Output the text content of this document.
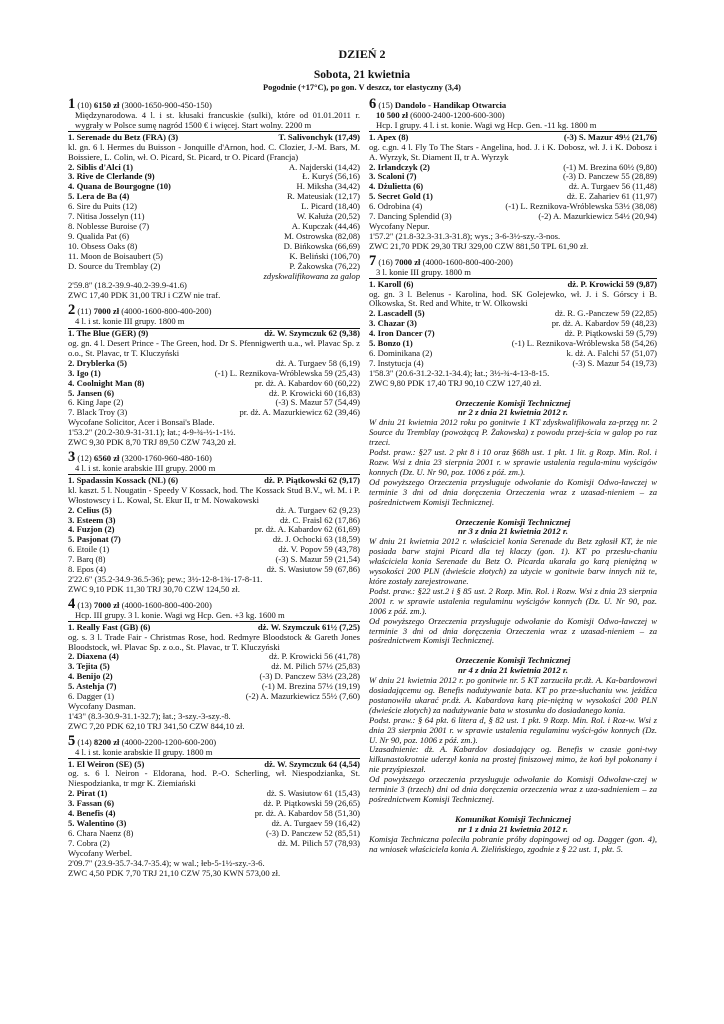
DZIEŃ 2
Sobota, 21 kwietnia
Pogodnie (+17°C), po gon. V deszcz, tor elastyczny (3,4)
1 (10) 6150 zł (3000-1650-900-450-150)
Międzynarodowa. 4 l. i st. kłusaki francuskie (sulki), które od 01.01.2011 r. wygrały w Polsce sumę nagród 1500 € i więcej. Start wolny. 2200 m
1. Serenade du Betz (FRA) (3)	T. Salivonchyk (17,49)
kl. gn. 6 l. Hermes du Buisson - Jonquille d'Arnon, hod. C. Clozier, J.-M. Bars, M. Boissiere, L. Colin, wł. O. Picard, St. Picard, tr O. Picard (Francja)
2. Siblis d'Alci (1)	A. Najderski (14,42)
3. Rive de Clerlande (9)	Ł. Kuryś (56,16)
4. Quana de Bourgogne (10)	H. Miksha (34,42)
5. Lera de Ba (4)	R. Mateusiak (12,17)
6. Sire du Puits (12)	L. Picard (18,40)
7. Nitisa Josselyn (11)	W. Kałuża (20,52)
8. Noblesse Buroise (7)	A. Kupczak (44,46)
9. Qualida Pat (6)	M. Ostrowska (82,08)
10. Obsess Oaks (8)	D. Bińkowska (66,69)
11. Moon de Boisaubert (5)	K. Beliński (106,70)
D. Source du Tremblay (2)	P. Żakowska (76,22)
zdyskwalifikowana za galop
2'59.8" (18.2-39.9-40.2-39.9-41.6)
ZWC 17,40 PDK 31,00 TRJ i CZW nie traf.
2 (11) 7000 zł (4000-1600-800-400-200)
4 l. i st. konie III grupy. 1800 m
1. The Blue (GER) (9)	dż. W. Szymczuk 62 (9,38)
og. gn. 4 l. Desert Prince - The Green, hod. Dr S. Pfennigwerth u.a., wł. Plavac Sp. z o.o., St. Plavac, tr T. Kluczyński
2. Dryblerka (5)	dż. A. Turgaev 58 (6,19)
3. Igo (1)	(-1) L. Reznikova-Wróblewska 59 (25,43)
4. Coolnight Man (8)	pr. dż. A. Kabardov 60 (60,22)
5. Jansen (6)	dż. P. Krowicki 60 (16,83)
6. King Jape (2)	(-3) S. Mazur 57 (54,49)
7. Black Troy (3)	pr. dż. A. Mazurkiewicz 62 (39,46)
Wycofane Solicitor, Acer i Bonsai's Blade.
1'53.2" (20.2-30.9-31-31.1); łat.; 4-9-¾-½-1-1½.
ZWC 9,30 PDK 8,70 TRJ 89,50 CZW 743,20 zł.
3 (12) 6560 zł (3200-1760-960-480-160)
4 l. i st. konie arabskie III grupy. 2000 m
1. Spadassin Kossack (NL) (6)	dż. P. Piątkowski 62 (9,17)
kl. kaszt. 5 l. Nougatin - Speedy V Kossack, hod. The Kossack Stud B.V., wł. M. i P. Włostowscy i L. Kowal, St. Ekur II, tr M. Nowakowski
2. Celius (5)	dż. A. Turgaev 62 (9,23)
3. Esteem (3)	dż. C. Fraisl 62 (17,86)
4. Fuzjon (2)	pr. dż. A. Kabardov 62 (61,69)
5. Pasjonat (7)	dż. J. Ochocki 63 (18,59)
6. Etoile (1)	dż. V. Popov 59 (43,78)
7. Barq (8)	(-3) S. Mazur 59 (21,54)
8. Epos (4)	dż. S. Wasiutow 59 (67,86)
2'22.6" (35.2-34.9-36.5-36); pew.; 3½-12-8-1¾-17-8-11.
ZWC 9,10 PDK 11,30 TRJ 30,70 CZW 124,50 zł.
4 (13) 7000 zł (4000-1600-800-400-200)
Hcp. III grupy. 3 l. konie. Wagi wg Hcp. Gen. +3 kg. 1600 m
1. Really Fast (GB) (6)	dż. W. Szymczuk 61½ (7,25)
og. s. 3 l. Trade Fair - Christmas Rose, hod. Redmyre Bloodstock & Gareth Jones Bloodstock, wł. Plavac Sp. z o.o., St. Plavac, tr T. Kluczyński
2. Diaxena (4)	dż. P. Krowicki 56 (41,78)
3. Tejita (5)	dż. M. Pilich 57½ (25,83)
4. Benijo (2)	(-3) D. Panczew 53½ (23,28)
5. Astehja (7)	(-1) M. Brezina 57½ (19,19)
6. Dagger (1)	(-2) A. Mazurkiewicz 55½ (7,60)
Wycofany Dasman.
1'43" (8.3-30.9-31.1-32.7); łat.; 3-szy.-3-szy.-8.
ZWC 7,20 PDK 62,10 TRJ 341,50 CZW 844,10 zł.
5 (14) 8200 zł (4000-2200-1200-600-200)
4 l. i st. konie arabskie II grupy. 1800 m
1. El Weiron (SE) (5)	dż. W. Szymczuk 64 (4,54)
og. s. 6 l. Neiron - Eldorana, hod. P.-O. Scherling, wł. Niespodzianka, St. Niespodzianka, tr mgr K. Ziemiański
2. Pirat (1)	dż. S. Wasiutow 61 (15,43)
3. Fassan (6)	dż. P. Piątkowski 59 (26,65)
4. Benefis (4)	pr. dż. A. Kabardov 58 (51,30)
5. Walentino (3)	dż. A. Turgaev 59 (16,42)
6. Chara Naenz (8)	(-3) D. Panczew 52 (85,51)
7. Cobra (2)	dż. M. Pilich 57 (78,93)
Wycofany Werbel.
2'09.7" (23.9-35.7-34.7-35.4); w wal.; łeb-5-1½-szy.-3-6.
ZWC 4,50 PDK 7,70 TRJ 21,10 CZW 75,30 KWN 573,00 zł.
6 (15) Dandolo - Handikap Otwarcia
10 500 zł (6000-2400-1200-600-300)
Hcp. I grupy. 4 l. i st. konie. Wagi wg Hcp. Gen. -11 kg. 1800 m
1. Apex (8)	(-3) S. Mazur 49½ (21,76)
og. c.gn. 4 l. Fly To The Stars - Angelina, hod. J. i K. Dobosz, wł. J. i K. Dobosz i A. Wyrzyk, St. Diament II, tr A. Wyrzyk
2. Irlandczyk (2)	(-1) M. Brezina 60½ (9,80)
3. Scaloni (7)	(-3) D. Panczew 55 (28,89)
4. Dżulietta (6)	dż. A. Turgaev 56 (11,48)
5. Secret Gold (1)	dż. E. Zahariev 61 (11,97)
6. Odrobina (4)	(-1) L. Reznikova-Wróblewska 53½ (38,08)
7. Dancing Splendid (3)	(-2) A. Mazurkiewicz 54½ (20,94)
Wycofany Nepur.
1'57.2" (21.8-32.3-31.3-31.8); wys.; 3-6-3½-szy.-3-nos.
ZWC 21,70 PDK 29,30 TRJ 329,00 CZW 881,50 TPL 61,90 zł.
7 (16) 7000 zł (4000-1600-800-400-200)
3 l. konie III grupy. 1800 m
1. Karoll (6)	dż. P. Krowicki 59 (9,87)
og. gn. 3 l. Belenus - Karolina, hod. SK Golejewko, wł. J. i S. Górscy i B. Olkowska, St. Red and White, tr W. Olkowski
2. Lascadell (5)	dż. R. G.-Panczew 59 (22,85)
3. Chazar (3)	pr. dż. A. Kabardov 59 (48,23)
4. Iron Dancer (7)	dż. P. Piątkowski 59 (5,79)
5. Bonzo (1)	(-1) L. Reznikova-Wróblewska 58 (54,26)
6. Dominikana (2)	k. dż. A. Falchi 57 (51,07)
7. Instytucja (4)	(-3) S. Mazur 54 (19,73)
1'58.3" (20.6-31.2-32.1-34.4); łat.; 3½-¾-4-13-8-15.
ZWC 9,80 PDK 17,40 TRJ 90,10 CZW 127,40 zł.
Orzeczenie Komisji Technicznej
nr 2 z dnia 21 kwietnia 2012 r.

W dniu 21 kwietnia 2012 roku po gonitwie 1 KT zdyskwalifikowała za-przęg nr. 2 Source du Tremblay (powożącą P. Żakowska) z powodu przej-ścia w galop po raz trzeci.

Podst. praw.: §27 ust. 2 pkt 8 i 10 oraz §68h ust. 1 pkt. 1 lit. g Rozp. Min. Rol. i Rozw. Wsi z dnia 23 sierpnia 2001 r. w sprawie ustalenia regula-minu wyścigów konnych (Dz. U. Nr 90, poz. 1006 z póź. zm.).

Od powyższego Orzeczenia przysługuje odwołanie do Komisji Odwo-ławczej w terminie 3 dni od dnia doręczenia Orzeczenia wraz z uzasad-nieniem – za pośrednictwem Komisji Technicznej.

Orzeczenie Komisji Technicznej
nr 3 z dnia 21 kwietnia 2012 r.

W dniu 21 kwietnia 2012 r. właściciel konia Serenade du Betz zgłosił KT, że nie posiada barw stajni Picard dla tej klaczy (gon. 1). KT po przesłu-chaniu właściciela konia Serenade du Betz O. Picarda ukarała go karą pieniężną w wysokości 200 PLN (dwieście złotych) za użycie w gonitwie barw innych niż te, które zostały zarejestrowane.

Podst. praw.: §22 ust.2 i § 85 ust. 2 Rozp. Min. Rol. i Rozw. Wsi z dnia 23 sierpnia 2001 r. w sprawie ustalenia regulaminu wyścigów konnych (Dz. U. Nr 90, poz. 1006 z póź. zm.).

Od powyższego Orzeczenia przysługuje odwołanie do Komisji Odwo-ławczej w terminie 3 dni od dnia doręczenia Orzeczenia wraz z uzasad-nieniem – za pośrednictwem Komisji Technicznej.

Orzeczenie Komisji Technicznej
nr 4 z dnia 21 kwietnia 2012 r.

W dniu 21 kwietnia 2012 r. po gonitwie nr. 5 KT zarzuciła pr.dż. A. Ka-bardowowi dosiadającemu og. Benefis nadużywanie bata. KT po prze-słuchaniu ww. jeźdźca postanowiła ukarać pr.dż. A. Kabardova karą pie-niężną w wysokości 200 PLN (dwieście złotych) za nadużywanie bata w stosunku do dosiadanego konia.

Podst. praw.: § 64 pkt. 6 litera d, § 82 ust. 1 pkt. 9 Rozp. Min. Rol. i Roz-w. Wsi z dnia 23 sierpnia 2001 r. w sprawie ustalenia regulaminu wyści-gów konnych (Dz. U. Nr 90, poz. 1006 z póź. zm.).

Uzasadnienie: dż. A. Kabardov dosiadający og. Benefis w czasie goni-twy kilkunastokrotnie uderzył konia na prostej finiszowej mimo, że koń był pokonany i nie przyśpieszał.

Od powyższego orzeczenia przysługuje odwołanie do Komisji Odwoław-czej w terminie 3 (trzech) dni od dnia doręczenia orzeczenia wraz z uza-sadnieniem – za pośrednictwem Komisji Technicznej.

Komunikat Komisji Technicznej
nr 1 z dnia 21 kwietnia 2012 r.

Komisja Techniczna poleciła pobranie próby dopingowej od og. Dagger (gon. 4), na wniosek właściciela konia A. Zielińskiego, zgodnie z § 22 ust. 1, pkt. 5.
